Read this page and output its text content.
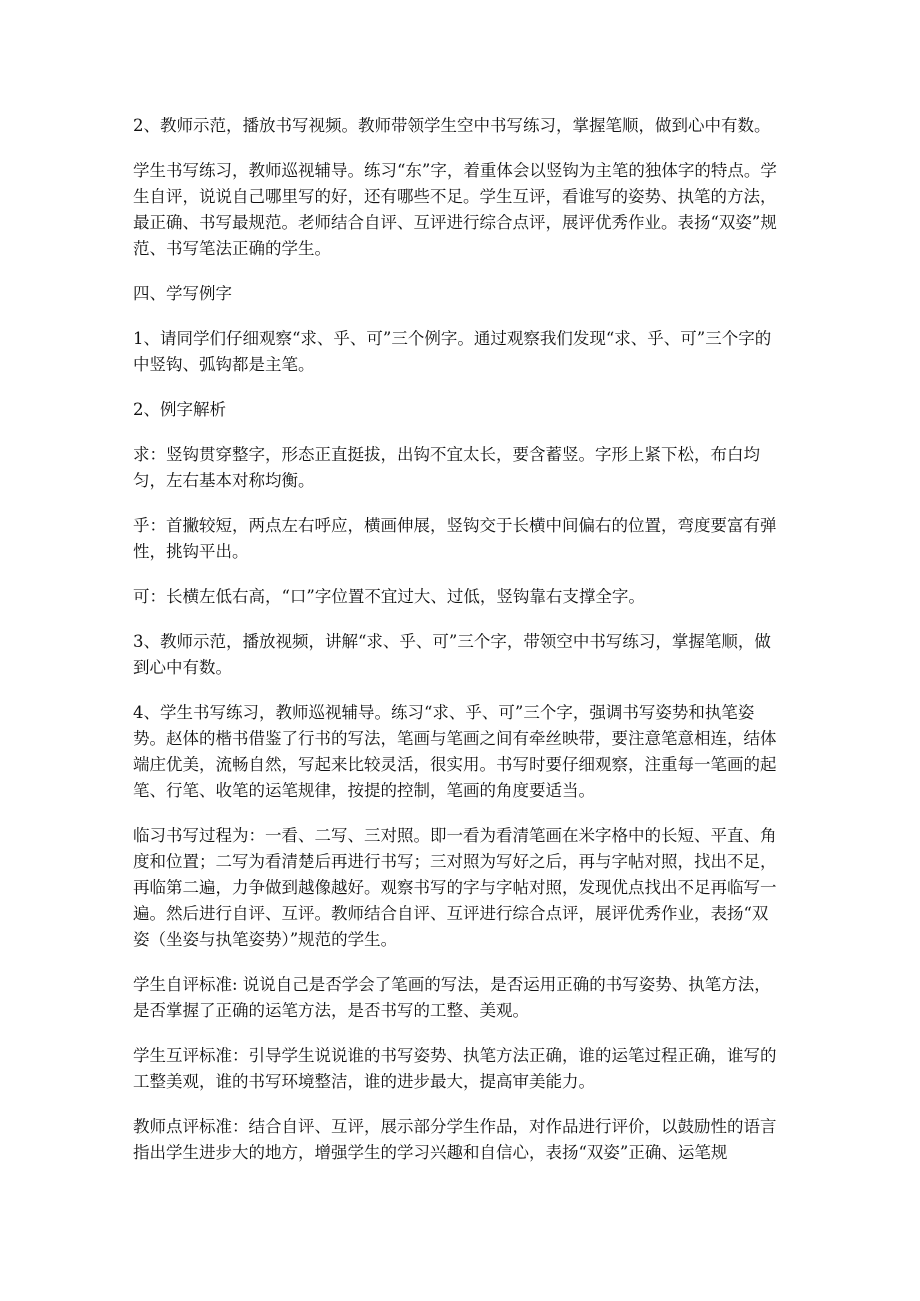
2、教师示范，播放书写视频。教师带领学生空中书写练习，掌握笔顺，做到心中有数。

学生书写练习，教师巡视辅导。练习“东”字，着重体会以竖钩为主笔的独体字的特点。学生自评，说说自己哪里写的好，还有哪些不足。学生互评，看谁写的姿势、执笔的方法，最正确、书写最规范。老师结合自评、互评进行综合点评，展评优秀作业。表扬“双姿”规范、书写笔法正确的学生。

四、学写例字

1、请同学们仔细观察“求、乎、可”三个例字。通过观察我们发现“求、乎、可”三个字的中竖钩、弧钩都是主笔。

2、例字解析

求：竖钩贯穿整字，形态正直挺拔，出钩不宜太长，要含蓄竖。字形上紧下松，布白均匀，左右基本对称均衡。

乎：首撇较短，两点左右呼应，横画伸展，竖钩交于长横中间偏右的位置，弯度要富有弹性，挑钩平出。

可：长横左低右高，“口”字位置不宜过大、过低，竖钩靠右支撑全字。

3、教师示范，播放视频，讲解“求、乎、可”三个字，带领空中书写练习，掌握笔顺，做到心中有数。

4、学生书写练习，教师巡视辅导。练习“求、乎、可”三个字，强调书写姿势和执笔姿势。赵体的楷书借鉴了行书的写法，笔画与笔画之间有牵丝映带，要注意笔意相连，结体端庄优美，流畅自然，写起来比较灵活，很实用。书写时要仔细观察，注重每一笔画的起笔、行笔、收笔的运笔规律，按提的控制，笔画的角度要适当。

临习书写过程为：一看、二写、三对照。即一看为看清笔画在米字格中的长短、平直、角度和位置；二写为看清楚后再进行书写；三对照为写好之后，再与字帖对照，找出不足，再临第二遍，力争做到越像越好。观察书写的字与字帖对照，发现优点找出不足再临写一遍。然后进行自评、互评。教师结合自评、互评进行综合点评，展评优秀作业，表扬“双姿（坐姿与执笔姿势）”规范的学生。

学生自评标准: 说说自己是否学会了笔画的写法，是否运用正确的书写姿势、执笔方法，是否掌握了正确的运笔方法，是否书写的工整、美观。

学生互评标准：引导学生说说谁的书写姿势、执笔方法正确，谁的运笔过程正确，谁写的工整美观，谁的书写环境整洁，谁的进步最大，提高审美能力。

教师点评标准：结合自评、互评，展示部分学生作品，对作品进行评价，以鼓励性的语言指出学生进步大的地方，增强学生的学习兴趣和自信心，表扬“双姿”正确、运笔规
